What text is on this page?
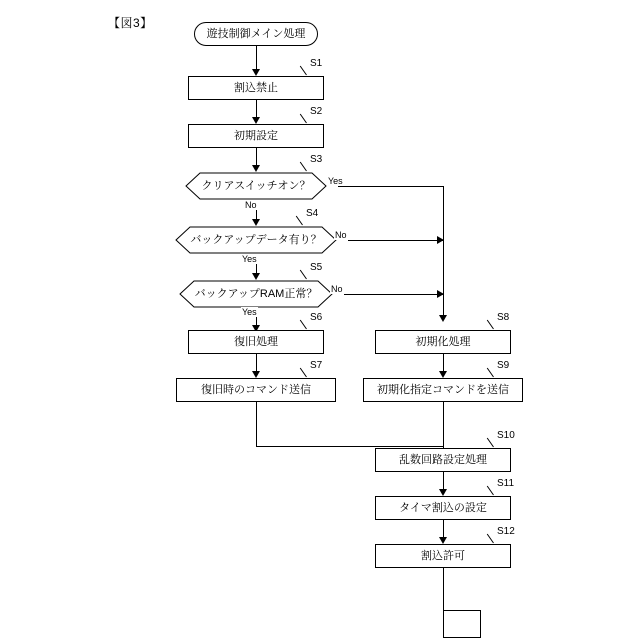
【図3】
遊技制御メイン処理
割込禁止
S1
初期設定
S2
クリアスイッチオン？
S3
Yes
No
バックアップデータ有り？
S4
No
Yes
バックアップRAM正常？
S5
No
Yes
復旧処理
S6
復旧時のコマンド送信
S7
初期化処理
S8
初期化指定コマンドを送信
S9
乱数回路設定処理
S10
タイマ割込の設定
S11
割込許可
S12
